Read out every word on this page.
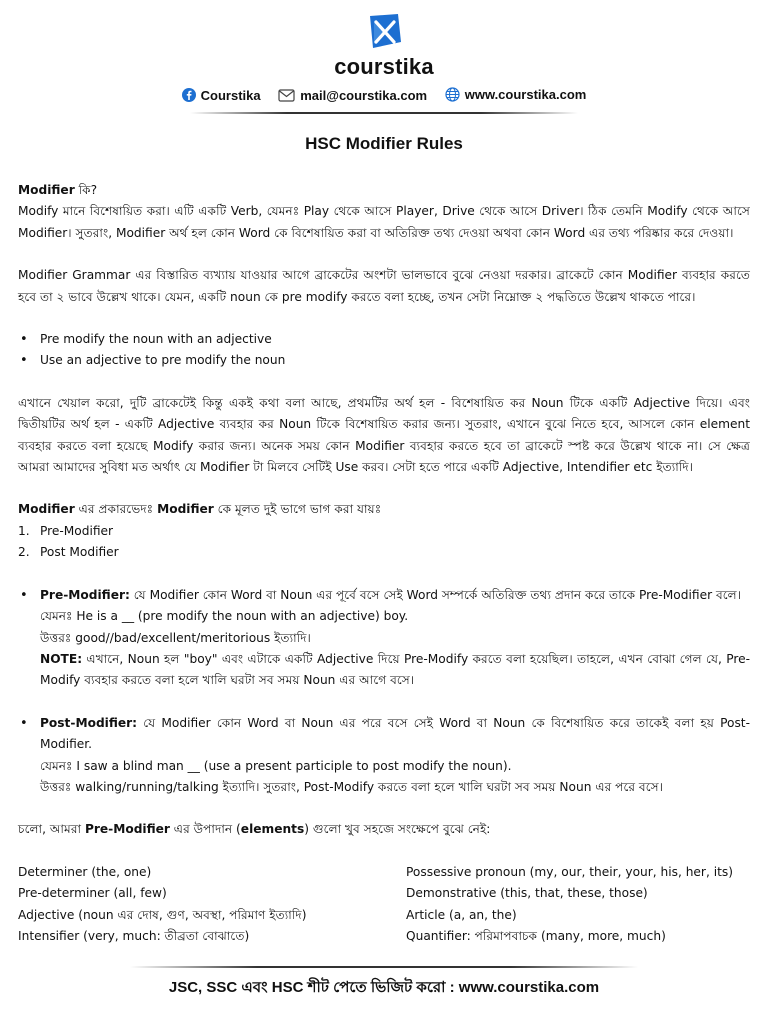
courstika
Courstika
	mail@courstika.com
	www.courstika.com
HSC Modifier Rules

Modifier কি?

Modify মানে বিশেষায়িত করা। এটি একটি Verb, যেমনঃ Play থেকে আসে Player, Drive থেকে আসে Driver। ঠিক তেমনি Modify থেকে আসে Modifier। সুতরাং, Modifier অর্থ হল কোন Word কে বিশেষায়িত করা বা অতিরিক্ত তথ্য দেওয়া অথবা কোন Word এর তথ্য পরিষ্কার করে দেওয়া।

Modifier Grammar এর বিস্তারিত ব্যখ্যায় যাওয়ার আগে ব্রাকেটের অংশটা ভালভাবে বুঝে নেওয়া দরকার। ব্রাকেটে কোন Modifier ব্যবহার করতে হবে তা ২ ভাবে উল্লেখ থাকে। যেমন, একটি noun কে pre modify করতে বলা হচ্ছে, তখন সেটা নিম্নোক্ত ২ পদ্ধতিতে উল্লেখ থাকতে পারে।

• Pre modify the noun with an adjective
• Use an adjective to pre modify the noun

এখানে খেয়াল করো, দুটি ব্রাকেটেই কিন্তু একই কথা বলা আছে, প্রথমটির অর্থ হল - বিশেষায়িত কর Noun টিকে একটি Adjective দিয়ে। এবং দ্বিতীয়টির অর্থ হল - একটি Adjective ব্যবহার কর Noun টিকে বিশেষায়িত করার জন্য। সুতরাং, এখানে বুঝে নিতে হবে, আসলে কোন element ব্যবহার করতে বলা হয়েছে Modify করার জন্য। অনেক সময় কোন Modifier ব্যবহার করতে হবে তা ব্রাকেটে স্পষ্ট করে উল্লেখ থাকে না। সে ক্ষেত্র আমরা আমাদের সুবিধা মত অর্থাৎ যে Modifier টা মিলবে সেটিই Use করব। সেটা হতে পারে একটি Adjective, Intendifier etc ইত্যাদি।

Modifier এর প্রকারভেদঃ Modifier কে মূলত দুই ভাগে ভাগ করা যায়ঃ

1. Pre-Modifier
2. Post Modifier

• Pre-Modifier: যে Modifier কোন Word বা Noun এর পূর্বে বসে সেই Word সম্পর্কে অতিরিক্ত তথ্য প্রদান করে তাকে Pre-Modifier বলে।

যেমনঃ He is a __ (pre modify the noun with an adjective) boy.

উত্তরঃ good//bad/excellent/meritorious ইত্যাদি।

NOTE: এখানে, Noun হল "boy" এবং এটাকে একটি Adjective দিয়ে Pre-Modify করতে বলা হয়েছিল। তাহলে, এখন বোঝা গেল যে, Pre-Modify ব্যবহার করতে বলা হলে খালি ঘরটা সব সময় Noun এর আগে বসে।

• Post-Modifier: যে Modifier কোন Word বা Noun এর পরে বসে সেই Word বা Noun কে বিশেষায়িত করে তাকেই বলা হয় Post-Modifier.

যেমনঃ I saw a blind man __ (use a present participle to post modify the noun).

উত্তরঃ walking/running/talking ইত্যাদি। সুতরাং, Post-Modify করতে বলা হলে খালি ঘরটা সব সময় Noun এর পরে বসে।

চলো, আমরা Pre-Modifier এর উপাদান (elements) গুলো খুব সহজে সংক্ষেপে বুঝে নেই:

Determiner (the, one)	Possessive pronoun (my, our, their, your, his, her, its)
Pre-determiner (all, few)	Demonstrative (this, that, these, those)
Adjective (noun এর দোষ, গুণ, অবস্থা, পরিমাণ ইত্যাদি)	Article (a, an, the)
Intensifier (very, much: তীব্রতা বোঝাতে)	Quantifier: পরিমাপবাচক (many, more, much)
JSC, SSC এবং HSC শীট পেতে ভিজিট করো : www.courstika.com
